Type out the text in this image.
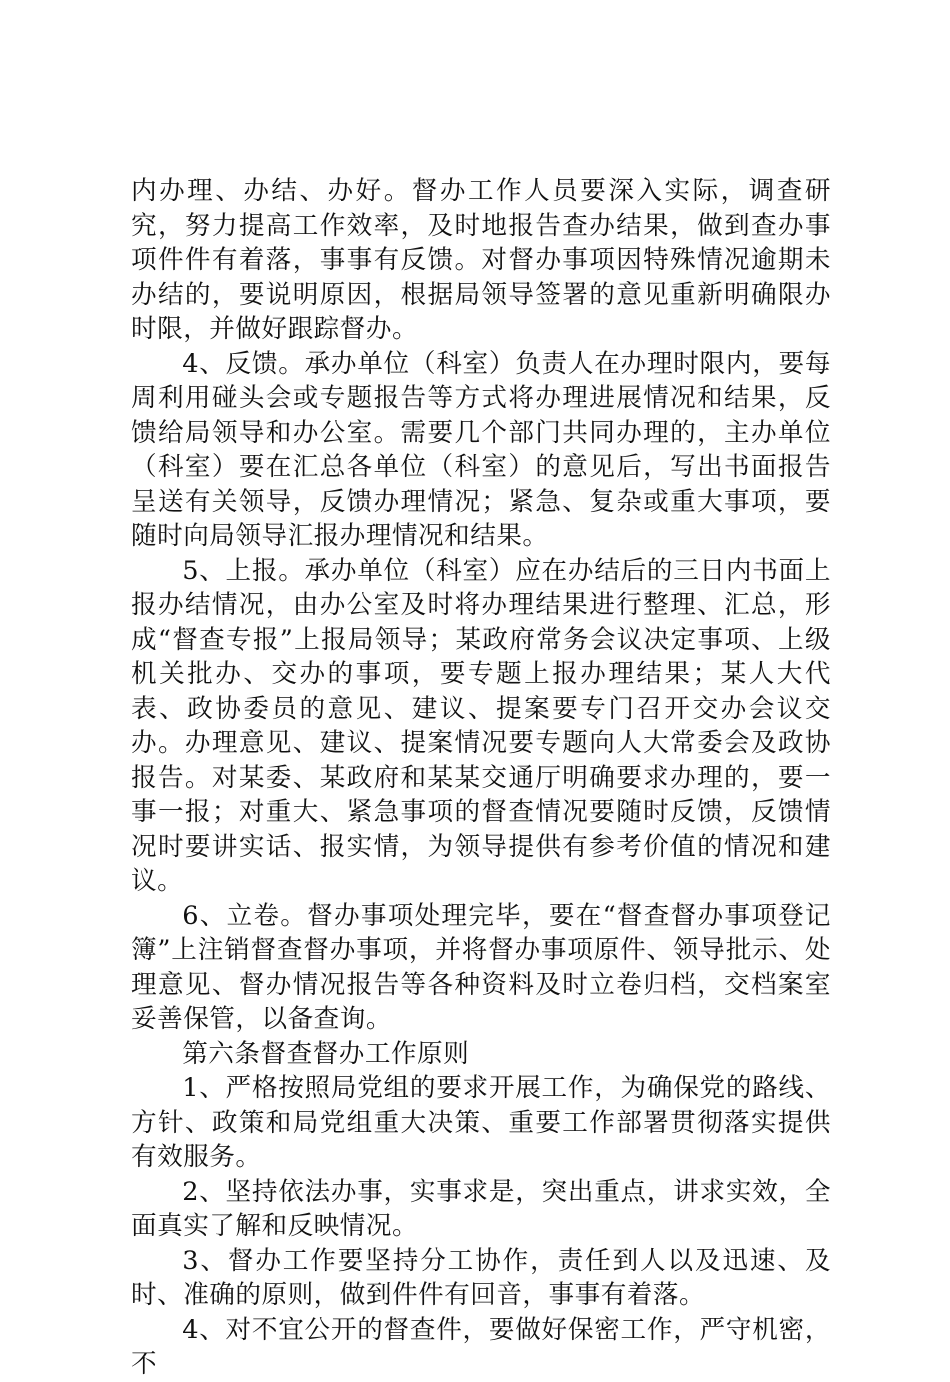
内办理、办结、办好。督办工作人员要深入实际，调查研究，努力提高工作效率，及时地报告查办结果，做到查办事项件件有着落，事事有反馈。对督办事项因特殊情况逾期未办结的，要说明原因，根据局领导签署的意见重新明确限办时限，并做好跟踪督办。

4、反馈。承办单位（科室）负责人在办理时限内，要每周利用碰头会或专题报告等方式将办理进展情况和结果，反馈给局领导和办公室。需要几个部门共同办理的，主办单位（科室）要在汇总各单位（科室）的意见后，写出书面报告呈送有关领导，反馈办理情况；紧急、复杂或重大事项，要随时向局领导汇报办理情况和结果。

5、上报。承办单位（科室）应在办结后的三日内书面上报办结情况，由办公室及时将办理结果进行整理、汇总，形成“督查专报”上报局领导；某政府常务会议决定事项、上级机关批办、交办的事项，要专题上报办理结果；某人大代表、政协委员的意见、建议、提案要专门召开交办会议交办。办理意见、建议、提案情况要专题向人大常委会及政协报告。对某委、某政府和某某交通厅明确要求办理的，要一事一报；对重大、紧急事项的督查情况要随时反馈，反馈情况时要讲实话、报实情，为领导提供有参考价值的情况和建议。

6、立卷。督办事项处理完毕，要在“督查督办事项登记簿”上注销督查督办事项，并将督办事项原件、领导批示、处理意见、督办情况报告等各种资料及时立卷归档，交档案室妥善保管，以备查询。

第六条督查督办工作原则

1、严格按照局党组的要求开展工作，为确保党的路线、方针、政策和局党组重大决策、重要工作部署贯彻落实提供有效服务。

2、坚持依法办事，实事求是，突出重点，讲求实效，全面真实了解和反映情况。

3、督办工作要坚持分工协作，责任到人以及迅速、及时、准确的原则，做到件件有回音，事事有着落。

4、对不宜公开的督查件，要做好保密工作，严守机密，不
